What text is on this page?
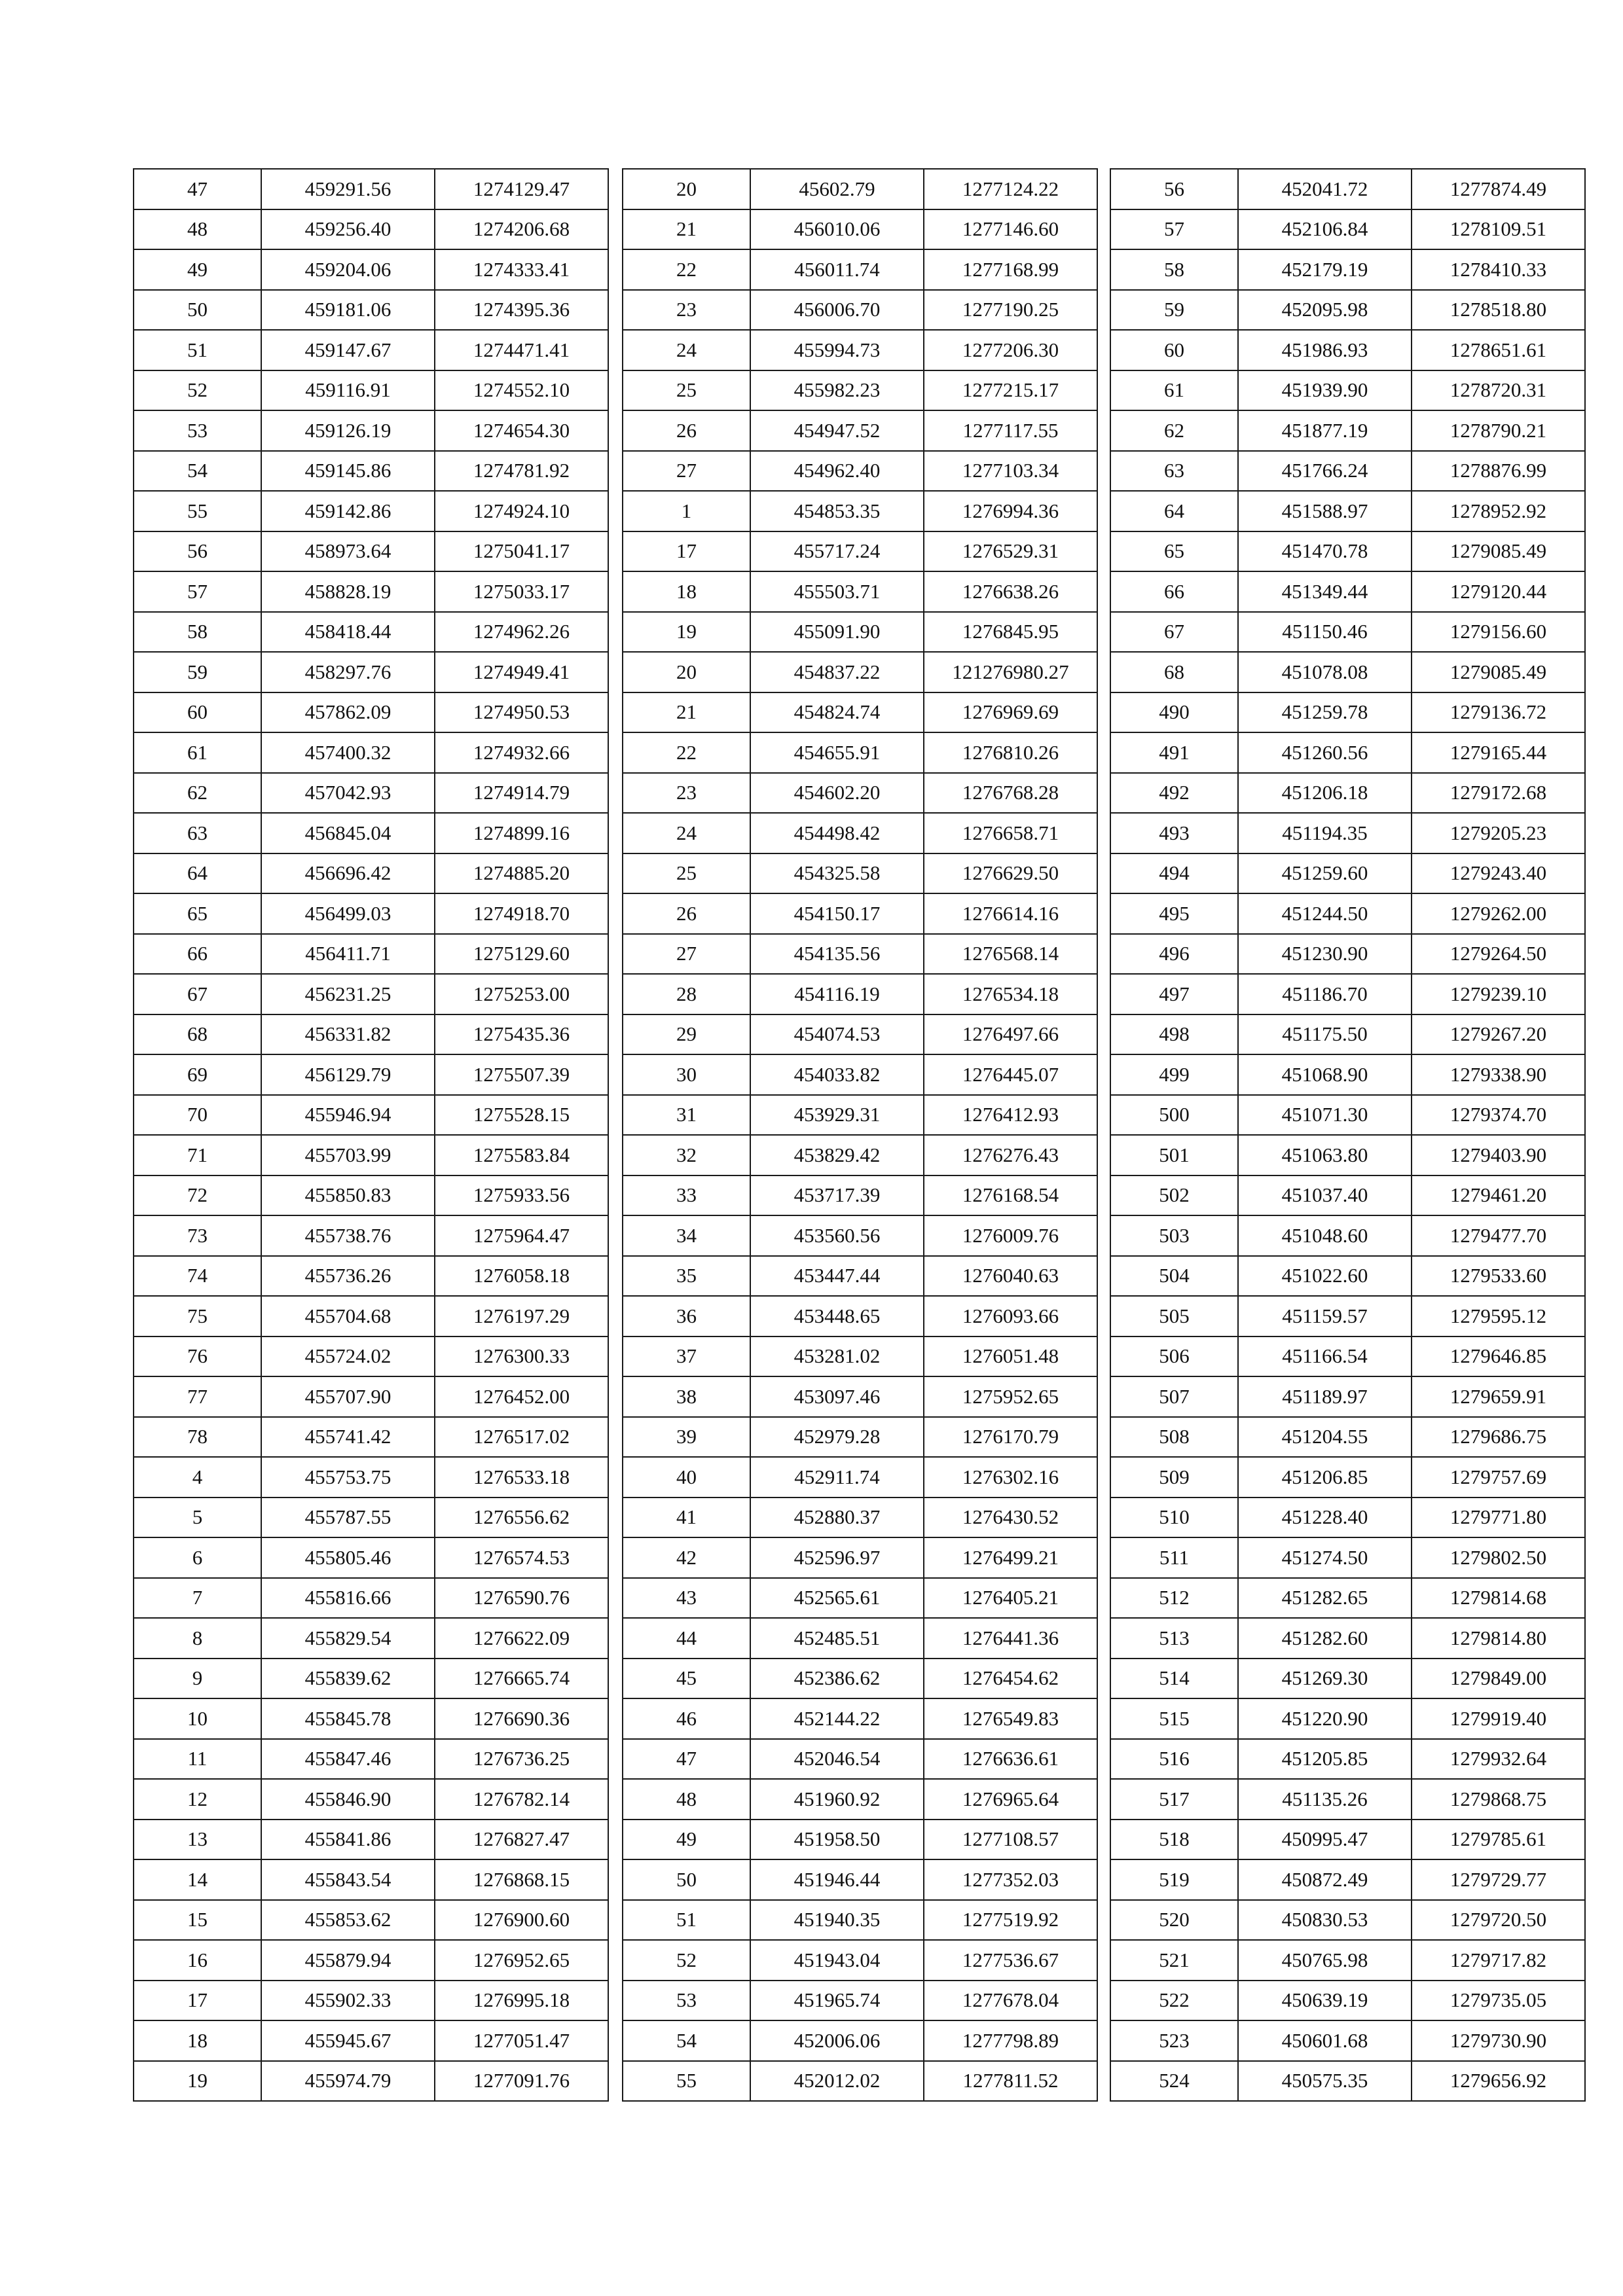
47	459291.56	1274129.47
48	459256.40	1274206.68
49	459204.06	1274333.41
50	459181.06	1274395.36
51	459147.67	1274471.41
52	459116.91	1274552.10
53	459126.19	1274654.30
54	459145.86	1274781.92
55	459142.86	1274924.10
56	458973.64	1275041.17
57	458828.19	1275033.17
58	458418.44	1274962.26
59	458297.76	1274949.41
60	457862.09	1274950.53
61	457400.32	1274932.66
62	457042.93	1274914.79
63	456845.04	1274899.16
64	456696.42	1274885.20
65	456499.03	1274918.70
66	456411.71	1275129.60
67	456231.25	1275253.00
68	456331.82	1275435.36
69	456129.79	1275507.39
70	455946.94	1275528.15
71	455703.99	1275583.84
72	455850.83	1275933.56
73	455738.76	1275964.47
74	455736.26	1276058.18
75	455704.68	1276197.29
76	455724.02	1276300.33
77	455707.90	1276452.00
78	455741.42	1276517.02
4	455753.75	1276533.18
5	455787.55	1276556.62
6	455805.46	1276574.53
7	455816.66	1276590.76
8	455829.54	1276622.09
9	455839.62	1276665.74
10	455845.78	1276690.36
11	455847.46	1276736.25
12	455846.90	1276782.14
13	455841.86	1276827.47
14	455843.54	1276868.15
15	455853.62	1276900.60
16	455879.94	1276952.65
17	455902.33	1276995.18
18	455945.67	1277051.47
19	455974.79	1277091.76
20	45602.79	1277124.22
21	456010.06	1277146.60
22	456011.74	1277168.99
23	456006.70	1277190.25
24	455994.73	1277206.30
25	455982.23	1277215.17
26	454947.52	1277117.55
27	454962.40	1277103.34
1	454853.35	1276994.36
17	455717.24	1276529.31
18	455503.71	1276638.26
19	455091.90	1276845.95
20	454837.22	121276980.27
21	454824.74	1276969.69
22	454655.91	1276810.26
23	454602.20	1276768.28
24	454498.42	1276658.71
25	454325.58	1276629.50
26	454150.17	1276614.16
27	454135.56	1276568.14
28	454116.19	1276534.18
29	454074.53	1276497.66
30	454033.82	1276445.07
31	453929.31	1276412.93
32	453829.42	1276276.43
33	453717.39	1276168.54
34	453560.56	1276009.76
35	453447.44	1276040.63
36	453448.65	1276093.66
37	453281.02	1276051.48
38	453097.46	1275952.65
39	452979.28	1276170.79
40	452911.74	1276302.16
41	452880.37	1276430.52
42	452596.97	1276499.21
43	452565.61	1276405.21
44	452485.51	1276441.36
45	452386.62	1276454.62
46	452144.22	1276549.83
47	452046.54	1276636.61
48	451960.92	1276965.64
49	451958.50	1277108.57
50	451946.44	1277352.03
51	451940.35	1277519.92
52	451943.04	1277536.67
53	451965.74	1277678.04
54	452006.06	1277798.89
55	452012.02	1277811.52
56	452041.72	1277874.49
57	452106.84	1278109.51
58	452179.19	1278410.33
59	452095.98	1278518.80
60	451986.93	1278651.61
61	451939.90	1278720.31
62	451877.19	1278790.21
63	451766.24	1278876.99
64	451588.97	1278952.92
65	451470.78	1279085.49
66	451349.44	1279120.44
67	451150.46	1279156.60
68	451078.08	1279085.49
490	451259.78	1279136.72
491	451260.56	1279165.44
492	451206.18	1279172.68
493	451194.35	1279205.23
494	451259.60	1279243.40
495	451244.50	1279262.00
496	451230.90	1279264.50
497	451186.70	1279239.10
498	451175.50	1279267.20
499	451068.90	1279338.90
500	451071.30	1279374.70
501	451063.80	1279403.90
502	451037.40	1279461.20
503	451048.60	1279477.70
504	451022.60	1279533.60
505	451159.57	1279595.12
506	451166.54	1279646.85
507	451189.97	1279659.91
508	451204.55	1279686.75
509	451206.85	1279757.69
510	451228.40	1279771.80
511	451274.50	1279802.50
512	451282.65	1279814.68
513	451282.60	1279814.80
514	451269.30	1279849.00
515	451220.90	1279919.40
516	451205.85	1279932.64
517	451135.26	1279868.75
518	450995.47	1279785.61
519	450872.49	1279729.77
520	450830.53	1279720.50
521	450765.98	1279717.82
522	450639.19	1279735.05
523	450601.68	1279730.90
524	450575.35	1279656.92
